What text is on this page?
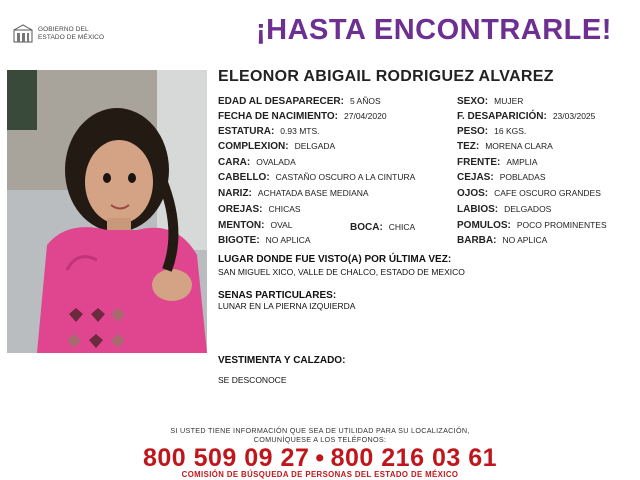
GOBIERNO DEL
ESTADO DE MÉXICO	¡HASTA ENCONTRARLE!
ELEONOR ABIGAIL RODRIGUEZ ALVAREZ
EDAD AL DESAPARECER: 5 AÑOS
FECHA DE NACIMIENTO: 27/04/2020
ESTATURA: 0.93 MTS.
COMPLEXION: DELGADA
CARA: OVALADA
CABELLO: CASTAÑO OSCURO A LA CINTURA
NARIZ: ACHATADA BASE MEDIANA
OREJAS: CHICAS
MENTON: OVAL
BIGOTE: NO APLICA
BOCA: CHICA
SEXO: MUJER
F. DESAPARICIÓN: 23/03/2025
PESO: 16 KGS.
TEZ: MORENA CLARA
FRENTE: AMPLIA
CEJAS: POBLADAS
OJOS: CAFE OSCURO GRANDES
LABIOS: DELGADOS
POMULOS: POCO PROMINENTES
BARBA: NO APLICA
LUGAR DONDE FUE VISTO(A) POR ÚLTIMA VEZ:
SAN MIGUEL XICO, VALLE DE CHALCO, ESTADO DE MEXICO
SENAS PARTICULARES:
LUNAR EN LA PIERNA IZQUIERDA
VESTIMENTA Y CALZADO:
SE DESCONOCE
SI USTED TIENE INFORMACIÓN QUE SEA DE UTILIDAD PARA SU LOCALIZACIÓN,
COMUNÍQUESE A LOS TELÉFONOS:
800 509 09 27 • 800 216 03 61
COMISIÓN DE BÚSQUEDA DE PERSONAS DEL ESTADO DE MÉXICO
